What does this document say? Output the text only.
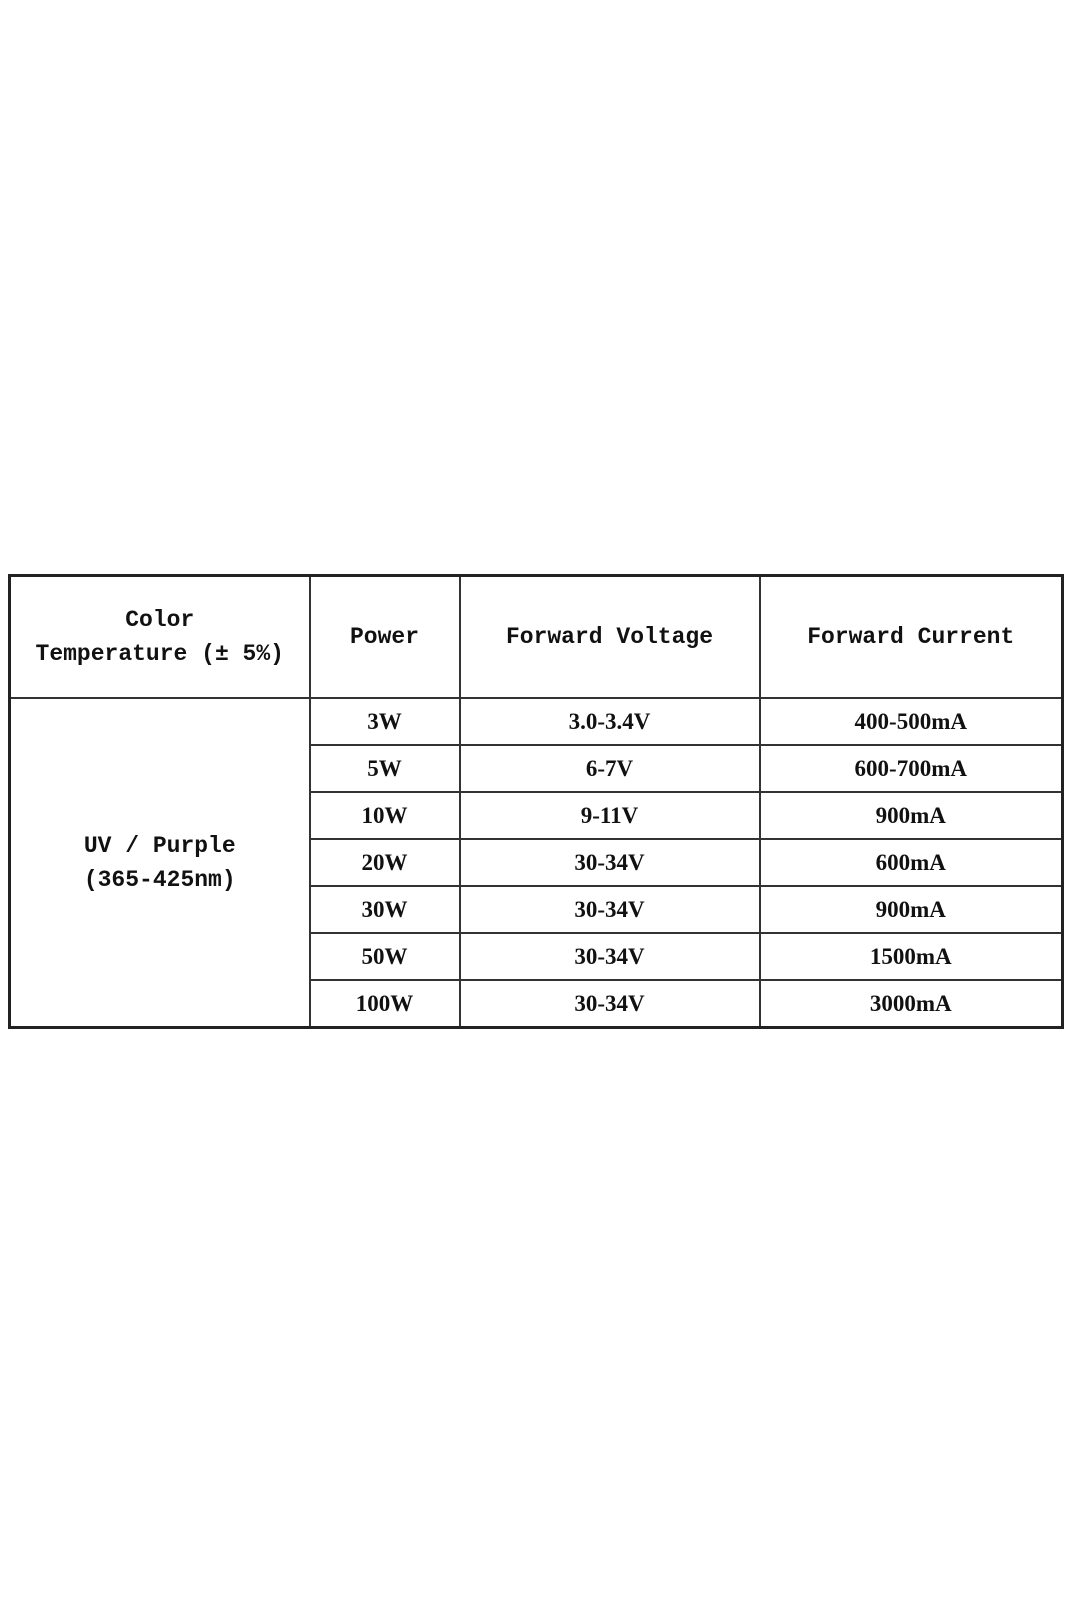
Color
Temperature (± 5%)	Power	Forward Voltage	Forward Current

UV / Purple
(365-425nm)	3W	3.0-3.4V	400-500mA
	5W	6-7V	600-700mA
	10W	9-11V	900mA
	20W	30-34V	600mA
	30W	30-34V	900mA
	50W	30-34V	1500mA
	100W	30-34V	3000mA
